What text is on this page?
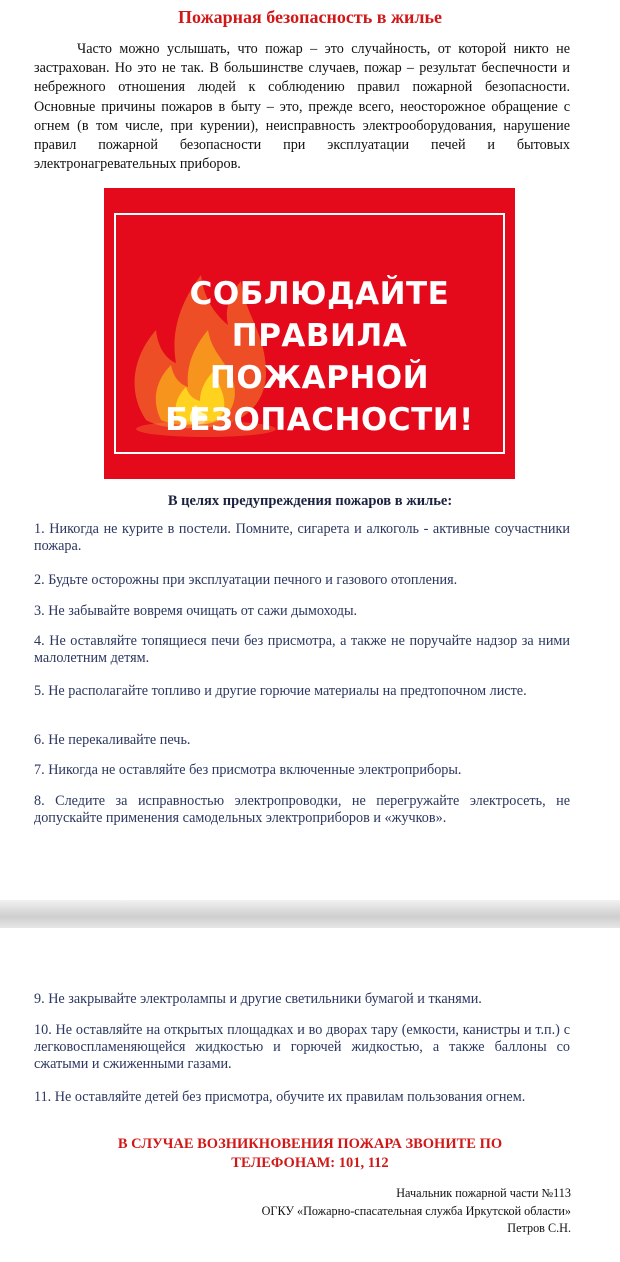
Пожарная безопасность в жилье

Часто можно услышать, что пожар – это случайность, от которой никто не застрахован. Но это не так. В большинстве случаев, пожар – результат беспечности и небрежного отношения людей к соблюдению правил пожарной безопасности. Основные причины пожаров в быту – это, прежде всего, неосторожное обращение с огнем (в том числе, при курении), неисправность электрооборудования, нарушение правил пожарной безопасности при эксплуатации печей и бытовых электронагревательных приборов.

СОБЛЮДАЙТЕ
ПРАВИЛА
ПОЖАРНОЙ
БЕЗОПАСНОСТИ!
В целях предупреждения пожаров в жилье:
1. Никогда не курите в постели. Помните, сигарета и алкоголь - активные соучастники пожара.
2. Будьте осторожны при эксплуатации печного и газового отопления.
3. Не забывайте вовремя очищать от сажи дымоходы.
4. Не оставляйте топящиеся печи без присмотра, а также не поручайте надзор за ними малолетним детям.
5. Не располагайте топливо и другие горючие материалы на предтопочном листе.
6. Не перекаливайте печь.
7. Никогда не оставляйте без присмотра включенные электроприборы.
8. Следите за исправностью электропроводки, не перегружайте электросеть, не допускайте применения самодельных электроприборов и «жучков».
9. Не закрывайте электролампы и другие светильники бумагой и тканями.
10. Не оставляйте на открытых площадках и во дворах тару (емкости, канистры и т.п.) с легковоспламеняющейся жидкостью и горючей жидкостью, а также баллоны со сжатыми и сжиженными газами.
11. Не оставляйте детей без присмотра, обучите их правилам пользования огнем.
В СЛУЧАЕ ВОЗНИКНОВЕНИЯ ПОЖАРА ЗВОНИТЕ ПО
ТЕЛЕФОНАМ: 101, 112
Начальник пожарной части №113
ОГКУ «Пожарно-спасательная служба Иркутской области»
Петров С.Н.
